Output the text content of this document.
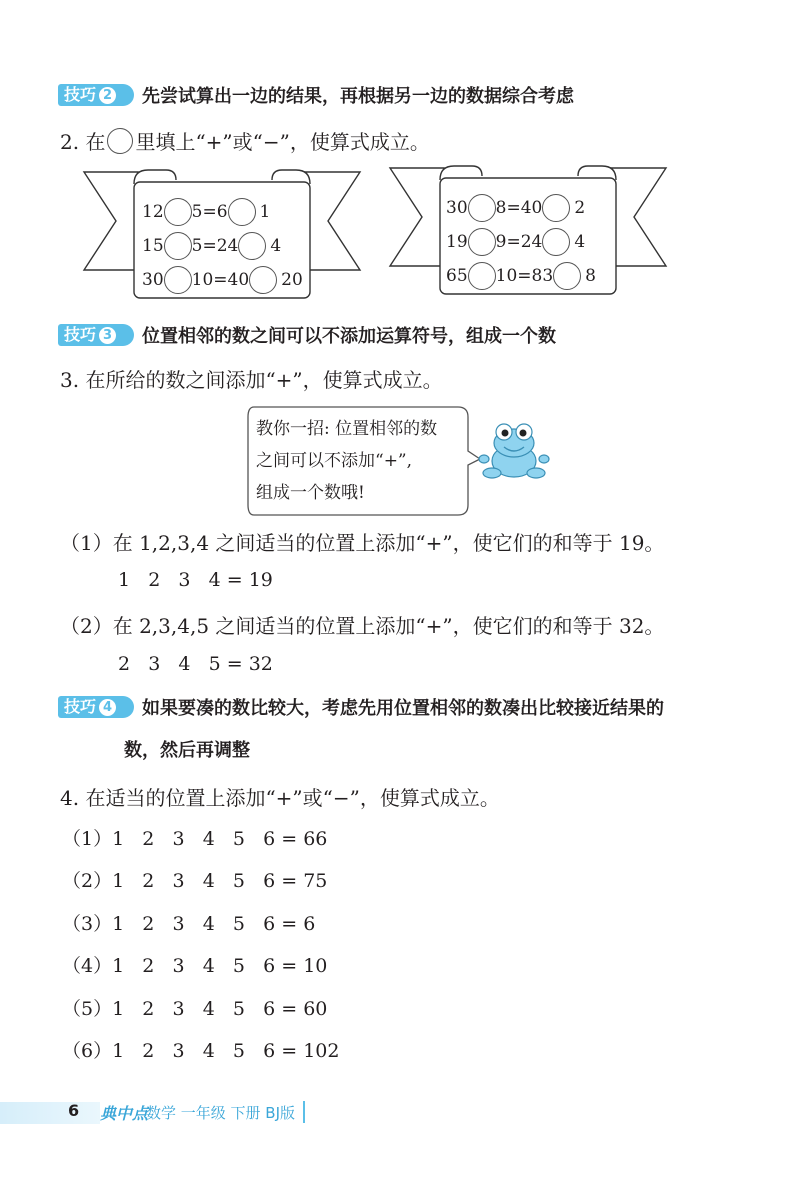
技巧 2	先尝试算出一边的结果，再根据另一边的数据综合考虑
2. 在 里填上“+”或“−”，使算式成立。
12 5=6 1
15 5=24 4
30 10=40 20
30 8=40 2
19 9=24 4
65 10=83 8
技巧 3	位置相邻的数之间可以不添加运算符号，组成一个数
3. 在所给的数之间添加“+”，使算式成立。
教你一招: 位置相邻的数
之间可以不添加“+”,
组成一个数哦!
（1）在 1,2,3,4 之间适当的位置上添加“+”，使它们的和等于 19。
1   2   3   4 = 19
（2）在 2,3,4,5 之间适当的位置上添加“+”，使它们的和等于 32。
2   3   4   5 = 32
技巧 4	如果要凑的数比较大，考虑先用位置相邻的数凑出比较接近结果的
数，然后再调整
4. 在适当的位置上添加“+”或“−”，使算式成立。
（1）1   2   3   4   5   6 = 66
（2）1   2   3   4   5   6 = 75
（3）1   2   3   4   5   6 = 6
（4）1   2   3   4   5   6 = 10
（5）1   2   3   4   5   6 = 60
（6）1   2   3   4   5   6 = 102
6 典中点
数学 一年级 下册 BJ版
